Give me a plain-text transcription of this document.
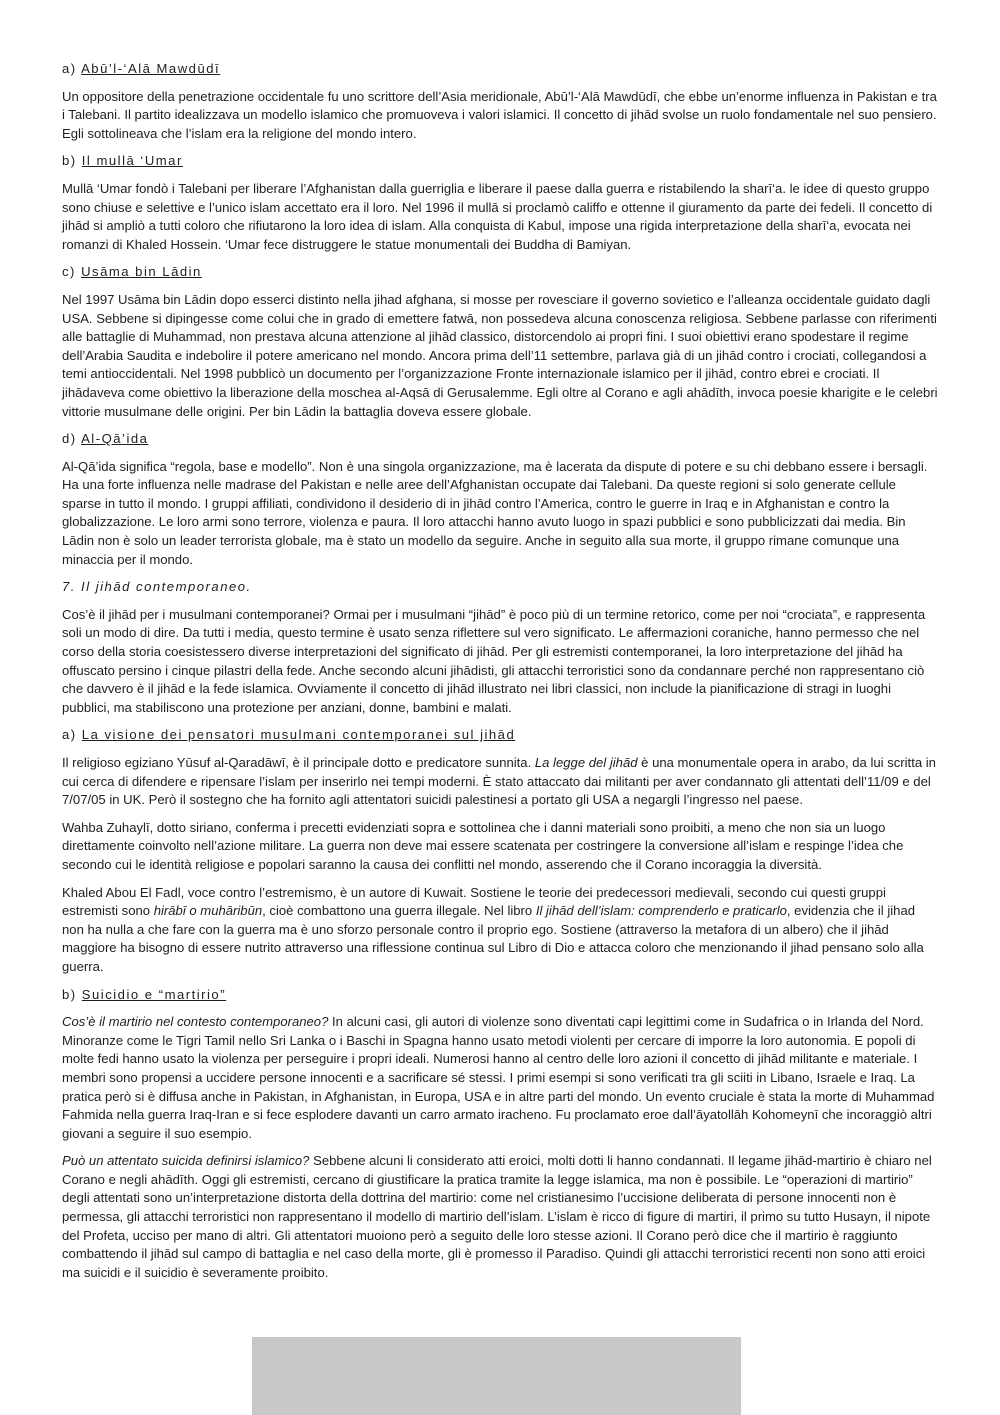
a) Abū’l-‘Alā Mawdūdī

Un oppositore della penetrazione occidentale fu uno scrittore dell’Asia meridionale, Abū’l-‘Alā Mawdūdī, che ebbe un’enorme influenza in Pakistan e tra i Talebani. Il partito idealizzava un modello islamico che promuoveva i valori islamici. Il concetto di jihād svolse un ruolo fondamentale nel suo pensiero. Egli sottolineava che l’islam era la religione del mondo intero.

b) Il mullā ‘Umar

Mullā ‘Umar fondò i Talebani per liberare l’Afghanistan dalla guerriglia e liberare il paese dalla guerra e ristabilendo la sharī‘a. le idee di questo gruppo sono chiuse e selettive e l’unico islam accettato era il loro. Nel 1996 il mullā si proclamò califfo e ottenne il giuramento da parte dei fedeli. Il concetto di jihād si ampliò a tutti coloro che rifiutarono la loro idea di islam. Alla conquista di Kabul, impose una rigida interpretazione della sharī‘a, evocata nei romanzi di Khaled Hossein. ‘Umar fece distruggere le statue monumentali dei Buddha di Bamiyan.

c) Usāma bin Lādin

Nel 1997 Usāma bin Lādin dopo esserci distinto nella jihad afghana, si mosse per rovesciare il governo sovietico e l’alleanza occidentale guidato dagli USA. Sebbene si dipingesse come colui che in grado di emettere fatwā, non possedeva alcuna conoscenza religiosa. Sebbene parlasse con riferimenti alle battaglie di Muhammad, non prestava alcuna attenzione al jihād classico, distorcendolo ai propri fini. I suoi obiettivi erano spodestare il regime dell’Arabia Saudita e indebolire il potere americano nel mondo. Ancora prima dell’11 settembre, parlava già di un jihād contro i crociati, collegandosi a temi antioccidentali. Nel 1998 pubblicò un documento per l’organizzazione Fronte internazionale islamico per il jihād, contro ebrei e crociati. Il jihādaveva come obiettivo la liberazione della moschea al-Aqsā di Gerusalemme. Egli oltre al Corano e agli ahādīth, invoca poesie kharigite e le celebri vittorie musulmane delle origini. Per bin Lādin la battaglia doveva essere globale.

d) Al-Qā’ida

Al-Qā’ida significa “regola, base e modello”. Non è una singola organizzazione, ma è lacerata da dispute di potere e su chi debbano essere i bersagli. Ha una forte influenza nelle madrase del Pakistan e nelle aree dell’Afghanistan occupate dai Talebani. Da queste regioni si solo generate cellule sparse in tutto il mondo. I gruppi affiliati, condividono il desiderio di in jihād contro l’America, contro le guerre in Iraq e in Afghanistan e contro la globalizzazione. Le loro armi sono terrore, violenza e paura. Il loro attacchi hanno avuto luogo in spazi pubblici e sono pubblicizzati dai media. Bin Lādin non è solo un leader terrorista globale, ma è stato un modello da seguire. Anche in seguito alla sua morte, il gruppo rimane comunque una minaccia per il mondo.

7. Il jihād contemporaneo.

Cos’è il jihād per i musulmani contemporanei? Ormai per i musulmani “jihād” è poco più di un termine retorico, come per noi “crociata”, e rappresenta soli un modo di dire. Da tutti i media, questo termine è usato senza riflettere sul vero significato. Le affermazioni coraniche, hanno permesso che nel corso della storia coesistessero diverse interpretazioni del significato di jihād. Per gli estremisti contemporanei, la loro interpretazione del jihād ha offuscato persino i cinque pilastri della fede. Anche secondo alcuni jihādisti, gli attacchi terroristici sono da condannare perché non rappresentano ciò che davvero è il jihād e la fede islamica. Ovviamente il concetto di jihād illustrato nei libri classici, non include la pianificazione di stragi in luoghi pubblici, ma stabiliscono una protezione per anziani, donne, bambini e malati.

a) La visione dei pensatori musulmani contemporanei sul jihād

Il religioso egiziano Yūsuf al-Qaradāwī, è il principale dotto e predicatore sunnita. La legge del jihād è una monumentale opera in arabo, da lui scritta in cui cerca di difendere e ripensare l’islam per inserirlo nei tempi moderni. È stato attaccato dai militanti per aver condannato gli attentati dell’11/09 e del 7/07/05 in UK. Però il sostegno che ha fornito agli attentatori suicidi palestinesi a portato gli USA a negargli l’ingresso nel paese.

Wahba Zuhaylī, dotto siriano, conferma i precetti evidenziati sopra e sottolinea che i danni materiali sono proibiti, a meno che non sia un luogo direttamente coinvolto nell’azione militare. La guerra non deve mai essere scatenata per costringere la conversione all’islam e respinge l’idea che secondo cui le identità religiose e popolari saranno la causa dei conflitti nel mondo, asserendo che il Corano incoraggia la diversità.

Khaled Abou El Fadl, voce contro l’estremismo, è un autore di Kuwait. Sostiene le teorie dei predecessori medievali, secondo cui questi gruppi estremisti sono hirābī o muhāribūn, cioè combattono una guerra illegale. Nel libro Il jihād dell’islam: comprenderlo e praticarlo, evidenzia che il jihad non ha nulla a che fare con la guerra ma è uno sforzo personale contro il proprio ego. Sostiene (attraverso la metafora di un albero) che il jihād maggiore ha bisogno di essere nutrito attraverso una riflessione continua sul Libro di Dio e attacca coloro che menzionando il jihad pensano solo alla guerra.

b) Suicidio e “martirio”

Cos’è il martirio nel contesto contemporaneo? In alcuni casi, gli autori di violenze sono diventati capi legittimi come in Sudafrica o in Irlanda del Nord. Minoranze come le Tigri Tamil nello Sri Lanka o i Baschi in Spagna hanno usato metodi violenti per cercare di imporre la loro autonomia. E popoli di molte fedi hanno usato la violenza per perseguire i propri ideali. Numerosi hanno al centro delle loro azioni il concetto di jihād militante e materiale. I membri sono propensi a uccidere persone innocenti e a sacrificare sé stessi. I primi esempi si sono verificati tra gli sciiti in Libano, Israele e Iraq. La pratica però si è diffusa anche in Pakistan, in Afghanistan, in Europa, USA e in altre parti del mondo. Un evento cruciale è stata la morte di Muhammad Fahmida nella guerra Iraq-Iran e si fece esplodere davanti un carro armato iracheno. Fu proclamato eroe dall’āyatollāh Kohomeynī che incoraggiò altri giovani a seguire il suo esempio.

Può un attentato suicida definirsi islamico? Sebbene alcuni li considerato atti eroici, molti dotti li hanno condannati. Il legame jihād-martirio è chiaro nel Corano e negli ahādīth. Oggi gli estremisti, cercano di giustificare la pratica tramite la legge islamica, ma non è possibile. Le “operazioni di martirio” degli attentati sono un’interpretazione distorta della dottrina del martirio: come nel cristianesimo l’uccisione deliberata di persone innocenti non è permessa, gli attacchi terroristici non rappresentano il modello di martirio dell’islam. L’islam è ricco di figure di martiri, il primo su tutto Husayn, il nipote del Profeta, ucciso per mano di altri. Gli attentatori muoiono però a seguito delle loro stesse azioni. Il Corano però dice che il martirio è raggiunto combattendo il jihād sul campo di battaglia e nel caso della morte, gli è promesso il Paradiso. Quindi gli attacchi terroristici recenti non sono atti eroici ma suicidi e il suicidio è severamente proibito.
